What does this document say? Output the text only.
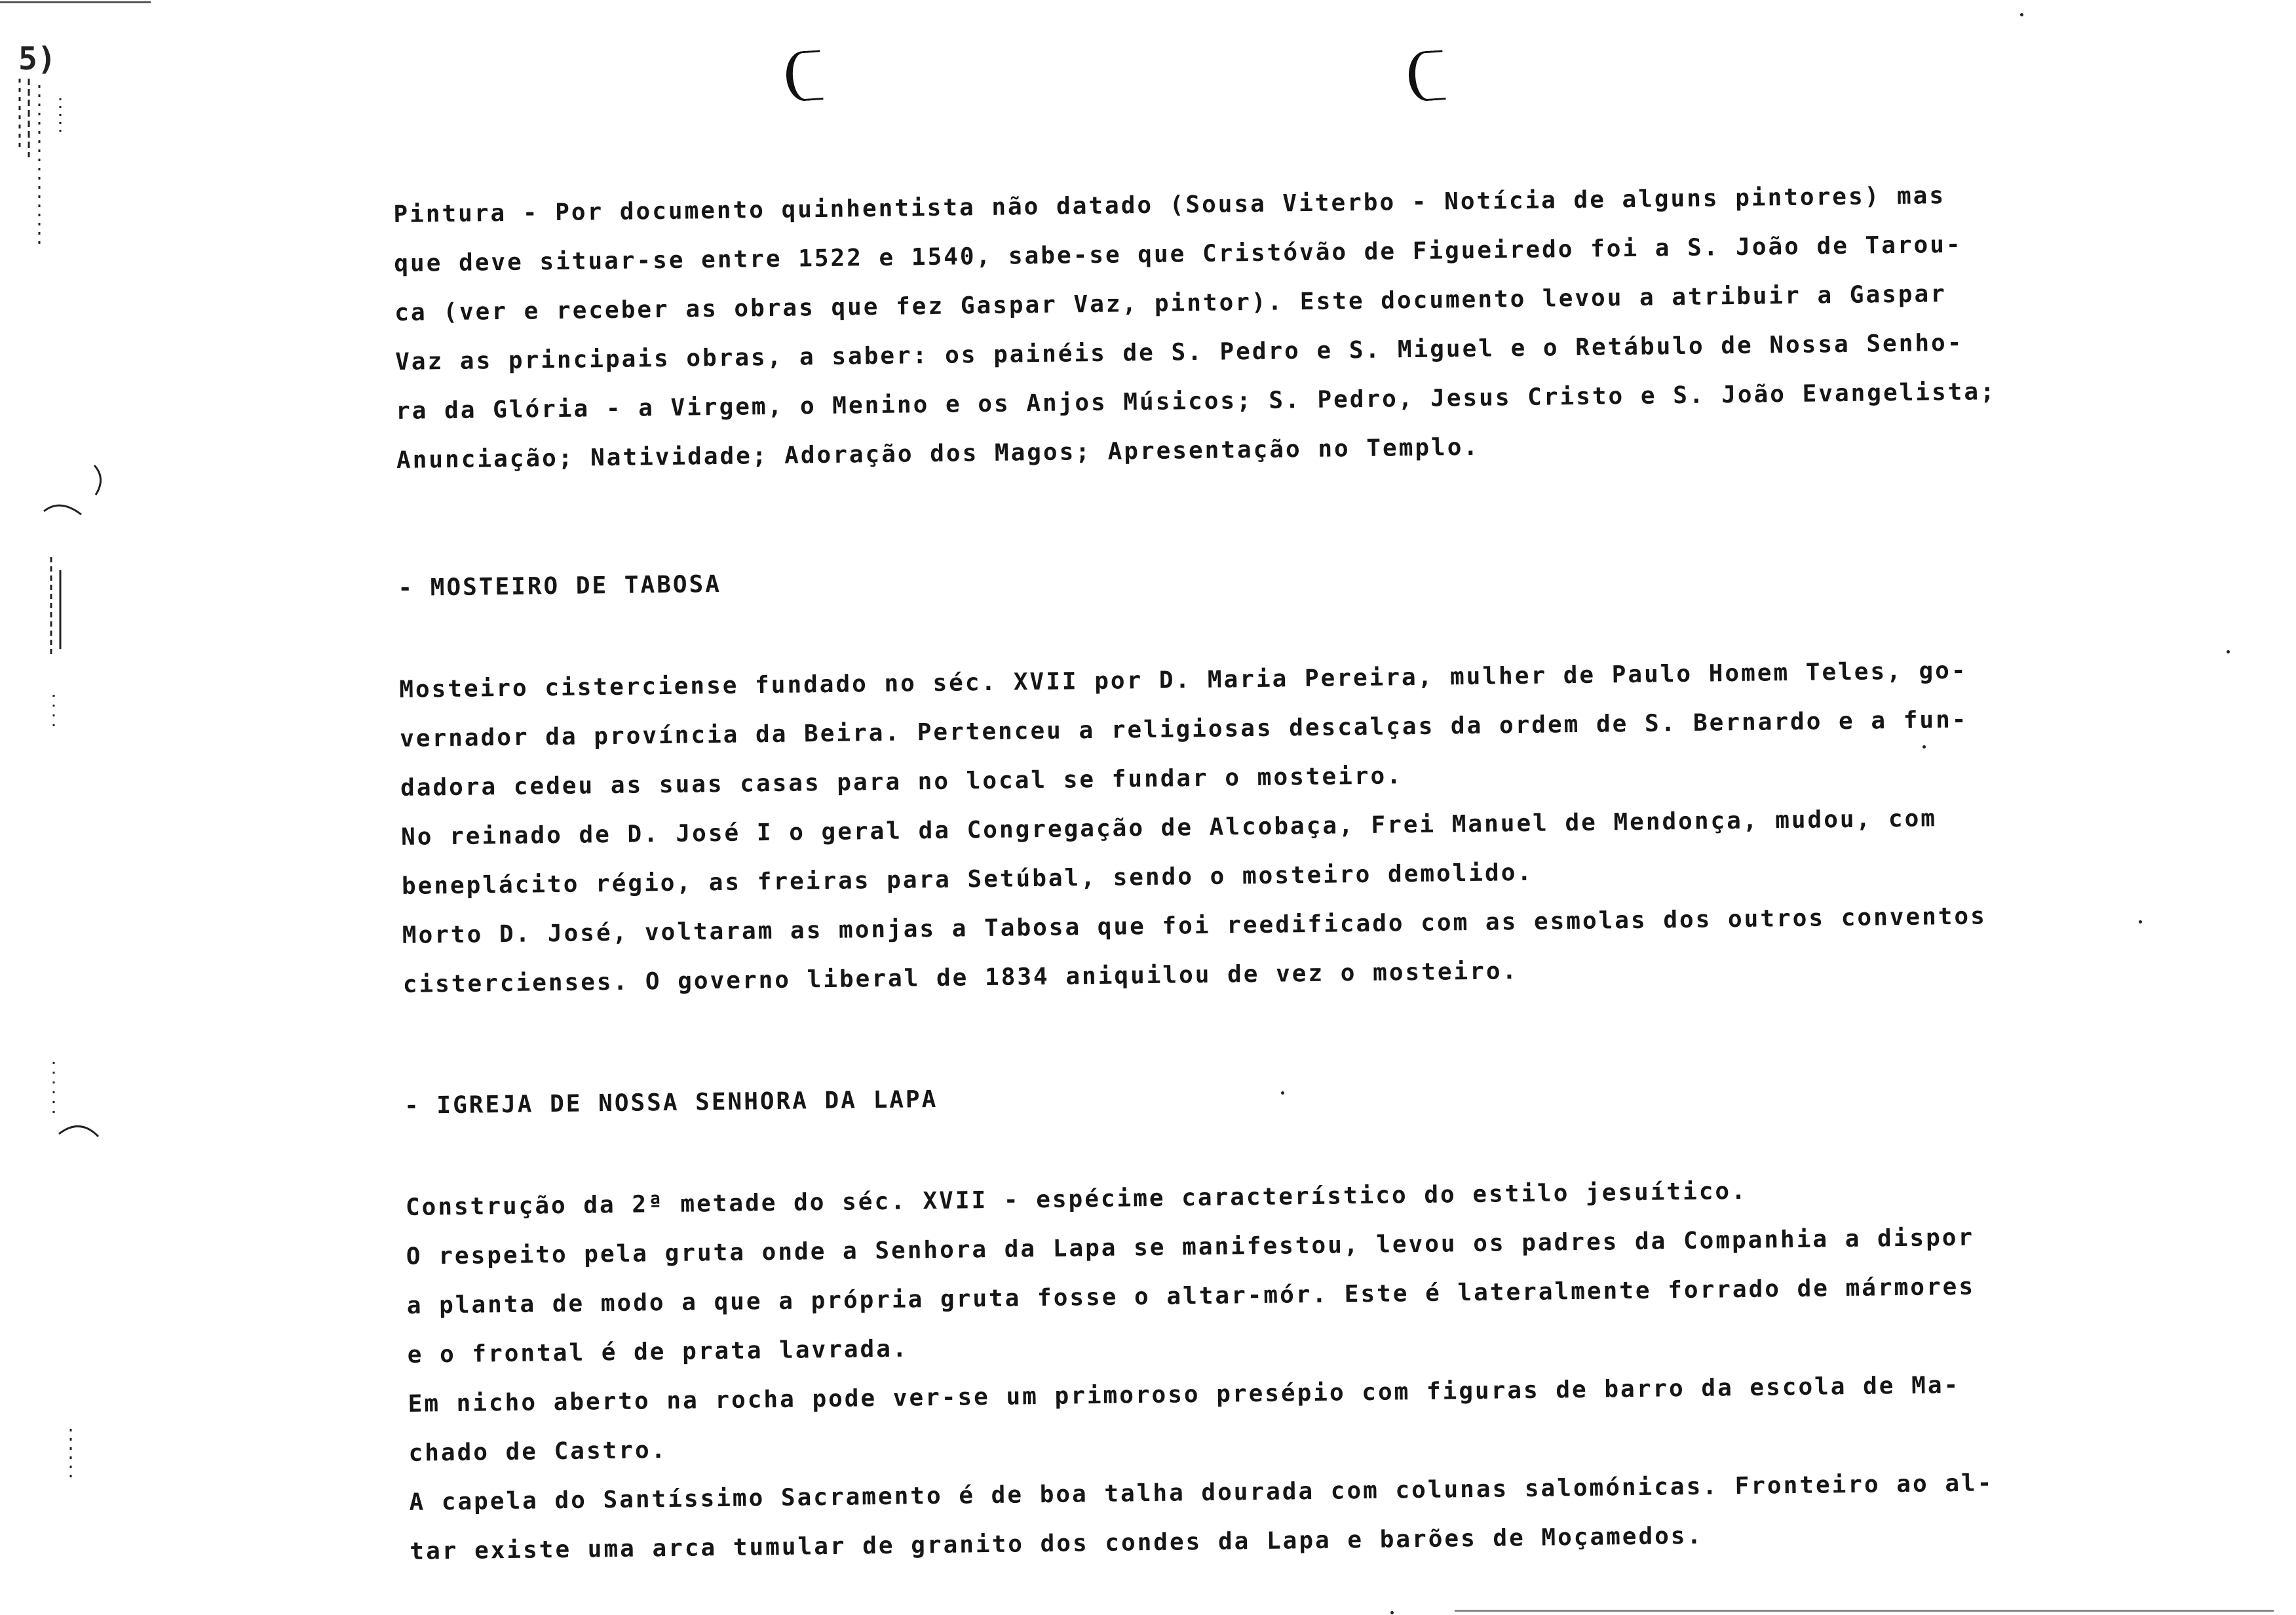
5)

Pintura - Por documento quinhentista não datado (Sousa Viterbo - Notícia de alguns pintores) mas
que deve situar-se entre 1522 e 1540, sabe-se que Cristóvão de Figueiredo foi a S. João de Tarou-
ca (ver e receber as obras que fez Gaspar Vaz, pintor). Este documento levou a atribuir a Gaspar
Vaz as principais obras, a saber: os painéis de S. Pedro e S. Miguel e o Retábulo de Nossa Senho-
ra da Glória - a Virgem, o Menino e os Anjos Músicos; S. Pedro, Jesus Cristo e S. João Evangelista;
Anunciação; Natividade; Adoração dos Magos; Apresentação no Templo.

- MOSTEIRO DE TABOSA

Mosteiro cisterciense fundado no séc. XVII por D. Maria Pereira, mulher de Paulo Homem Teles, go-
vernador da província da Beira. Pertenceu a religiosas descalças da ordem de S. Bernardo e a fun-
dadora cedeu as suas casas para no local se fundar o mosteiro.
No reinado de D. José I o geral da Congregação de Alcobaça, Frei Manuel de Mendonça, mudou, com
beneplácito régio, as freiras para Setúbal, sendo o mosteiro demolido.
Morto D. José, voltaram as monjas a Tabosa que foi reedificado com as esmolas dos outros conventos
cistercienses. O governo liberal de 1834 aniquilou de vez o mosteiro.

- IGREJA DE NOSSA SENHORA DA LAPA

Construção da 2ª metade do séc. XVII - espécime característico do estilo jesuítico.
O respeito pela gruta onde a Senhora da Lapa se manifestou, levou os padres da Companhia a dispor
a planta de modo a que a própria gruta fosse o altar-mór. Este é lateralmente forrado de mármores
e o frontal é de prata lavrada.
Em nicho aberto na rocha pode ver-se um primoroso presépio com figuras de barro da escola de Ma-
chado de Castro.
A capela do Santíssimo Sacramento é de boa talha dourada com colunas salomónicas. Fronteiro ao al-
tar existe uma arca tumular de granito dos condes da Lapa e barões de Moçamedos.
